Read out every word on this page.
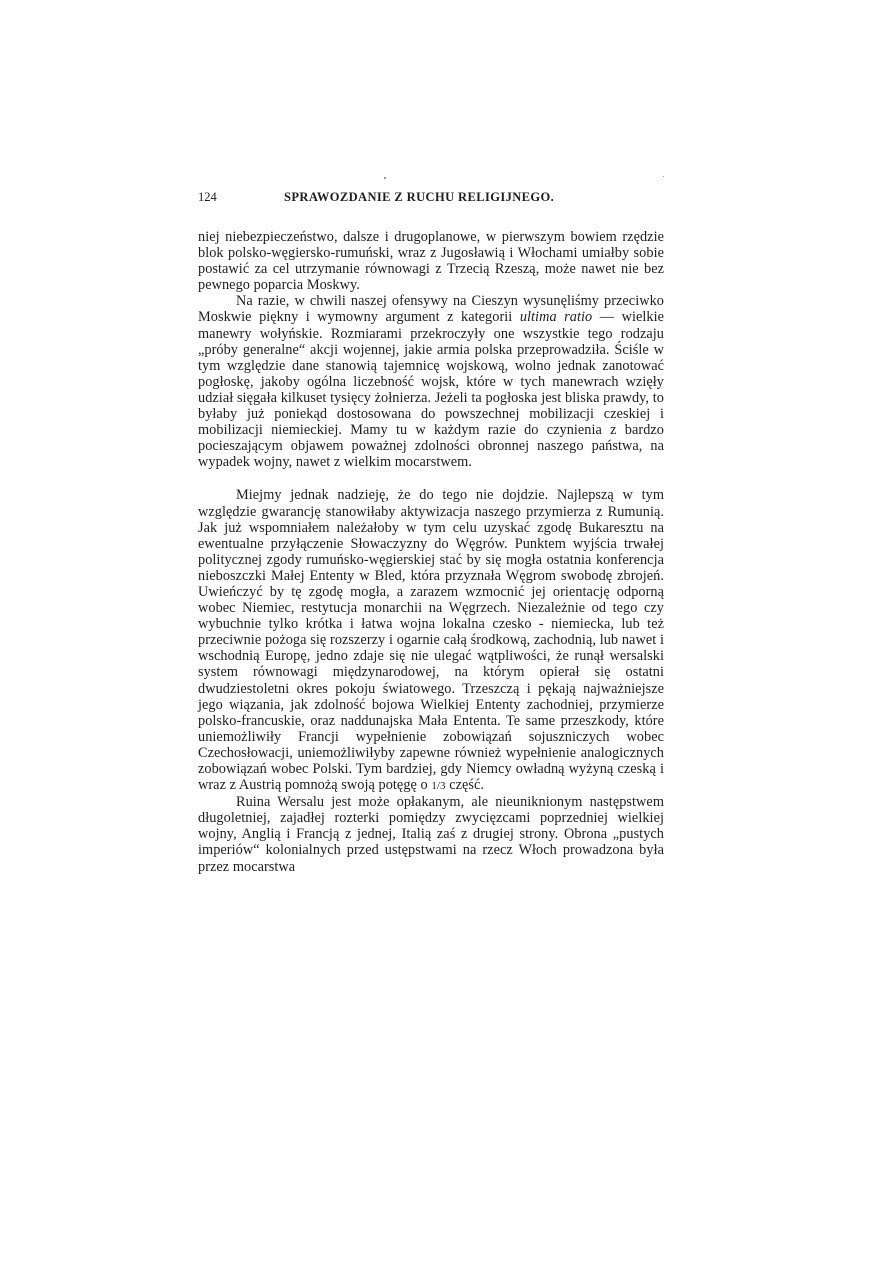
124	SPRAWOZDANIE Z RUCHU RELIGIJNEGO.

niej niebezpieczeństwo, dalsze i drugoplanowe, w pierwszym bowiem rzędzie blok polsko-węgiersko-rumuński, wraz z Jugosławią i Włochami umiałby sobie postawić za cel utrzymanie równowagi z Trzecią Rzeszą, może nawet nie bez pewnego poparcia Moskwy.

Na razie, w chwili naszej ofensywy na Cieszyn wysunęliśmy przeciwko Moskwie piękny i wymowny argument z kategorii ultima ratio — wielkie manewry wołyńskie. Rozmiarami przekroczyły one wszystkie tego rodzaju „próby generalne“ akcji wojennej, jakie armia polska przeprowadziła. Ściśle w tym względzie dane stanowią tajemnicę wojskową, wolno jednak zanotować pogłoskę, jakoby ogólna liczebność wojsk, które w tych manewrach wzięły udział sięgała kilkuset tysięcy żołnierza. Jeżeli ta pogłoska jest bliska prawdy, to byłaby już poniekąd dostosowana do powszechnej mobilizacji czeskiej i mobilizacji niemieckiej. Mamy tu w każdym razie do czynienia z bardzo pocieszającym objawem poważnej zdolności obronnej naszego państwa, na wypadek wojny, nawet z wielkim mocarstwem.

Miejmy jednak nadzieję, że do tego nie dojdzie. Najlepszą w tym względzie gwarancję stanowiłaby aktywizacja naszego przymierza z Rumunią. Jak już wspomniałem należałoby w tym celu uzyskać zgodę Bukaresztu na ewentualne przyłączenie Słowaczyzny do Węgrów. Punktem wyjścia trwałej politycznej zgody rumuńsko-węgierskiej stać by się mogła ostatnia konferencja nieboszczki Małej Ententy w Bled, która przyznała Węgrom swobodę zbrojeń. Uwieńczyć by tę zgodę mogła, a zarazem wzmocnić jej orientację odporną wobec Niemiec, restytucja monarchii na Węgrzech. Niezależnie od tego czy wybuchnie tylko krótka i łatwa wojna lokalna czesko - niemiecka, lub też przeciwnie pożoga się rozszerzy i ogarnie całą środkową, zachodnią, lub nawet i wschodnią Europę, jedno zdaje się nie ulegać wątpliwości, że runął wersalski system równowagi międzynarodowej, na którym opierał się ostatni dwudziestoletni okres pokoju światowego. Trzeszczą i pękają najważniejsze jego wiązania, jak zdolność bojowa Wielkiej Ententy zachodniej, przymierze polsko-francuskie, oraz naddunajska Mała Ententa. Te same przeszkody, które uniemożliwiły Francji wypełnienie zobowiązań sojuszniczych wobec Czechosłowacji, uniemożliwiłyby zapewne również wypełnienie analogicznych zobowiązań wobec Polski. Tym bardziej, gdy Niemcy owładną wyżyną czeską i wraz z Austrią pomnożą swoją potęgę o 1/3 część.

Ruina Wersalu jest może opłakanym, ale nieuniknionym następstwem długoletniej, zajadłej rozterki pomiędzy zwycięzcami poprzedniej wielkiej wojny, Anglią i Francją z jednej, Italią zaś z drugiej strony. Obrona „pustych imperiów“ kolonialnych przed ustępstwami na rzecz Włoch prowadzona była przez mocarstwa
